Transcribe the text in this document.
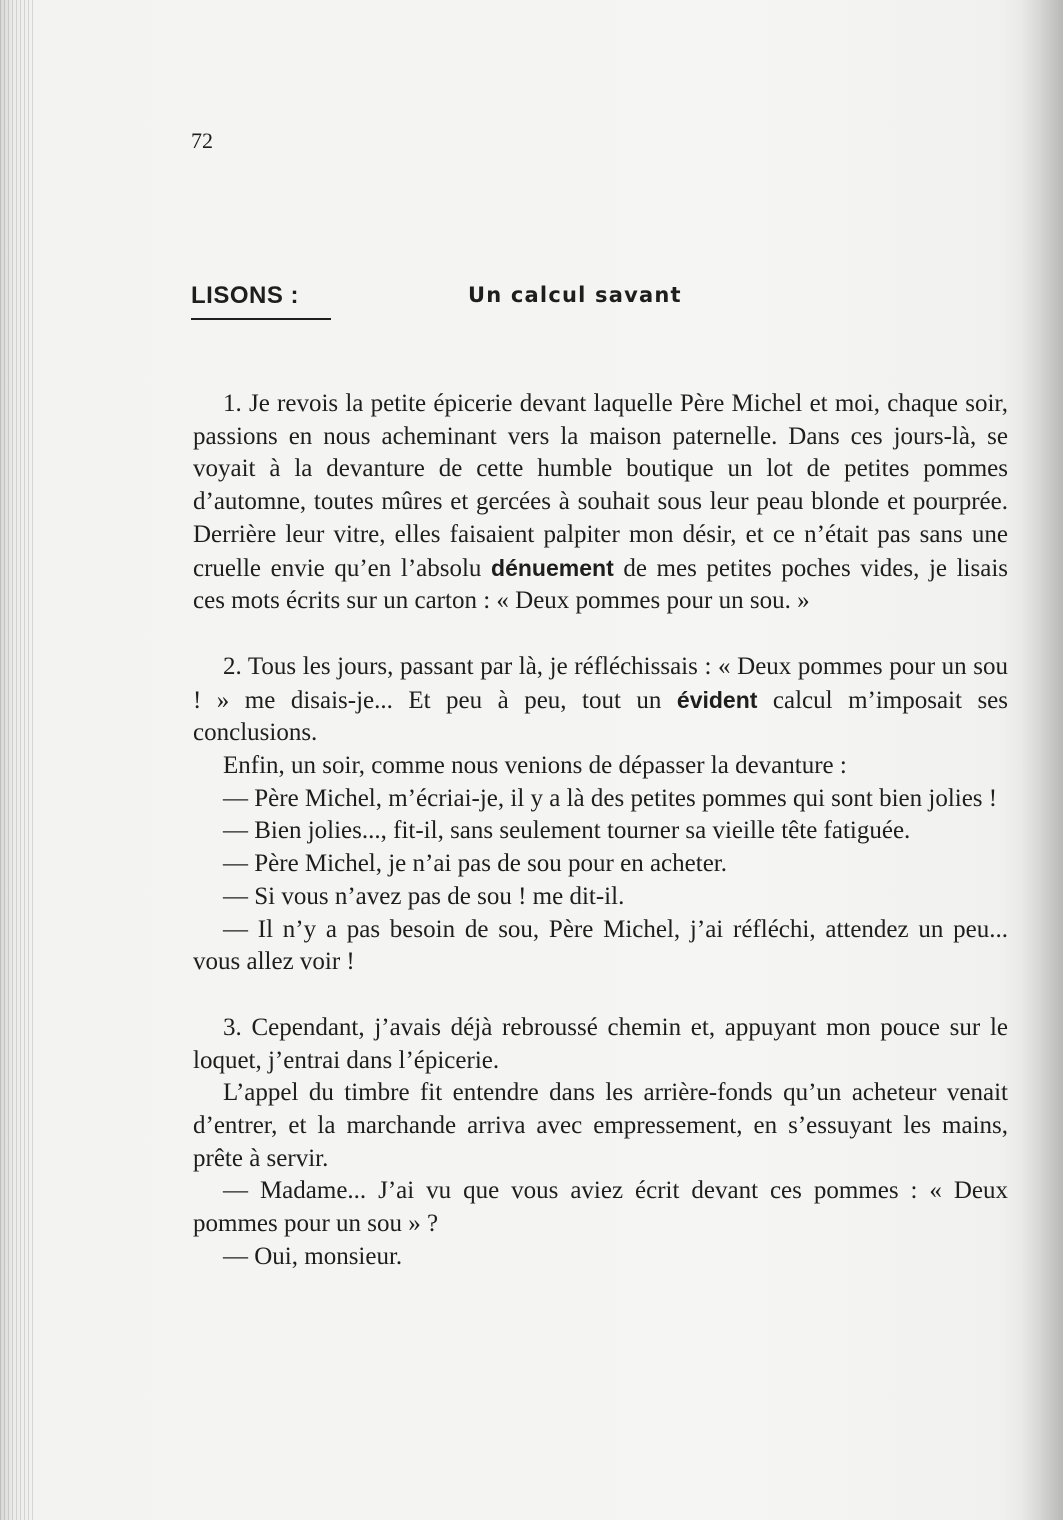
72
LISONS :	Un calcul savant

1. Je revois la petite épicerie devant laquelle Père Michel et moi, chaque soir, passions en nous acheminant vers la maison paternelle. Dans ces jours-là, se voyait à la devanture de cette humble boutique un lot de petites pommes d’automne, toutes mûres et gercées à souhait sous leur peau blonde et pourprée. Derrière leur vitre, elles faisaient palpiter mon désir, et ce n’était pas sans une cruelle envie qu’en l’absolu dénuement de mes petites poches vides, je lisais ces mots écrits sur un carton : « Deux pommes pour un sou. »

2. Tous les jours, passant par là, je réfléchissais : « Deux pommes pour un sou ! » me disais-je... Et peu à peu, tout un évident calcul m’imposait ses conclusions.

Enfin, un soir, comme nous venions de dépasser la devanture :

— Père Michel, m’écriai-je, il y a là des petites pommes qui sont bien jolies !

— Bien jolies..., fit-il, sans seulement tourner sa vieille tête fatiguée.

— Père Michel, je n’ai pas de sou pour en acheter.

— Si vous n’avez pas de sou ! me dit-il.

— Il n’y a pas besoin de sou, Père Michel, j’ai réfléchi, attendez un peu... vous allez voir !

3. Cependant, j’avais déjà rebroussé chemin et, appuyant mon pouce sur le loquet, j’entrai dans l’épicerie.

L’appel du timbre fit entendre dans les arrière-fonds qu’un acheteur venait d’entrer, et la marchande arriva avec empressement, en s’essuyant les mains, prête à servir.

— Madame... J’ai vu que vous aviez écrit devant ces pommes : « Deux pommes pour un sou » ?

— Oui, monsieur.
